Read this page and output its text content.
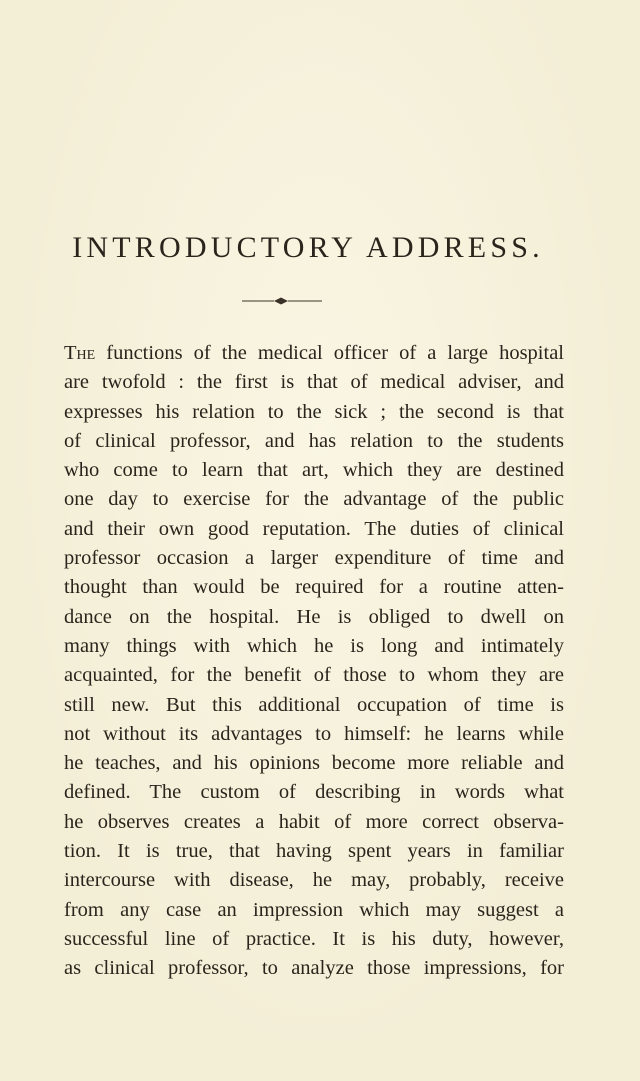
INTRODUCTORY ADDRESS.
The functions of the medical officer of a large hospital
are twofold : the first is that of medical adviser, and
expresses his relation to the sick ; the second is that
of clinical professor, and has relation to the students
who come to learn that art, which they are destined
one day to exercise for the advantage of the public
and their own good reputation. The duties of clinical
professor occasion a larger expenditure of time and
thought than would be required for a routine atten-
dance on the hospital. He is obliged to dwell on
many things with which he is long and intimately
acquainted, for the benefit of those to whom they are
still new. But this additional occupation of time is
not without its advantages to himself: he learns while
he teaches, and his opinions become more reliable and
defined. The custom of describing in words what
he observes creates a habit of more correct observa-
tion. It is true, that having spent years in familiar
intercourse with disease, he may, probably, receive
from any case an impression which may suggest a
successful line of practice. It is his duty, however,
as clinical professor, to analyze those impressions, for
